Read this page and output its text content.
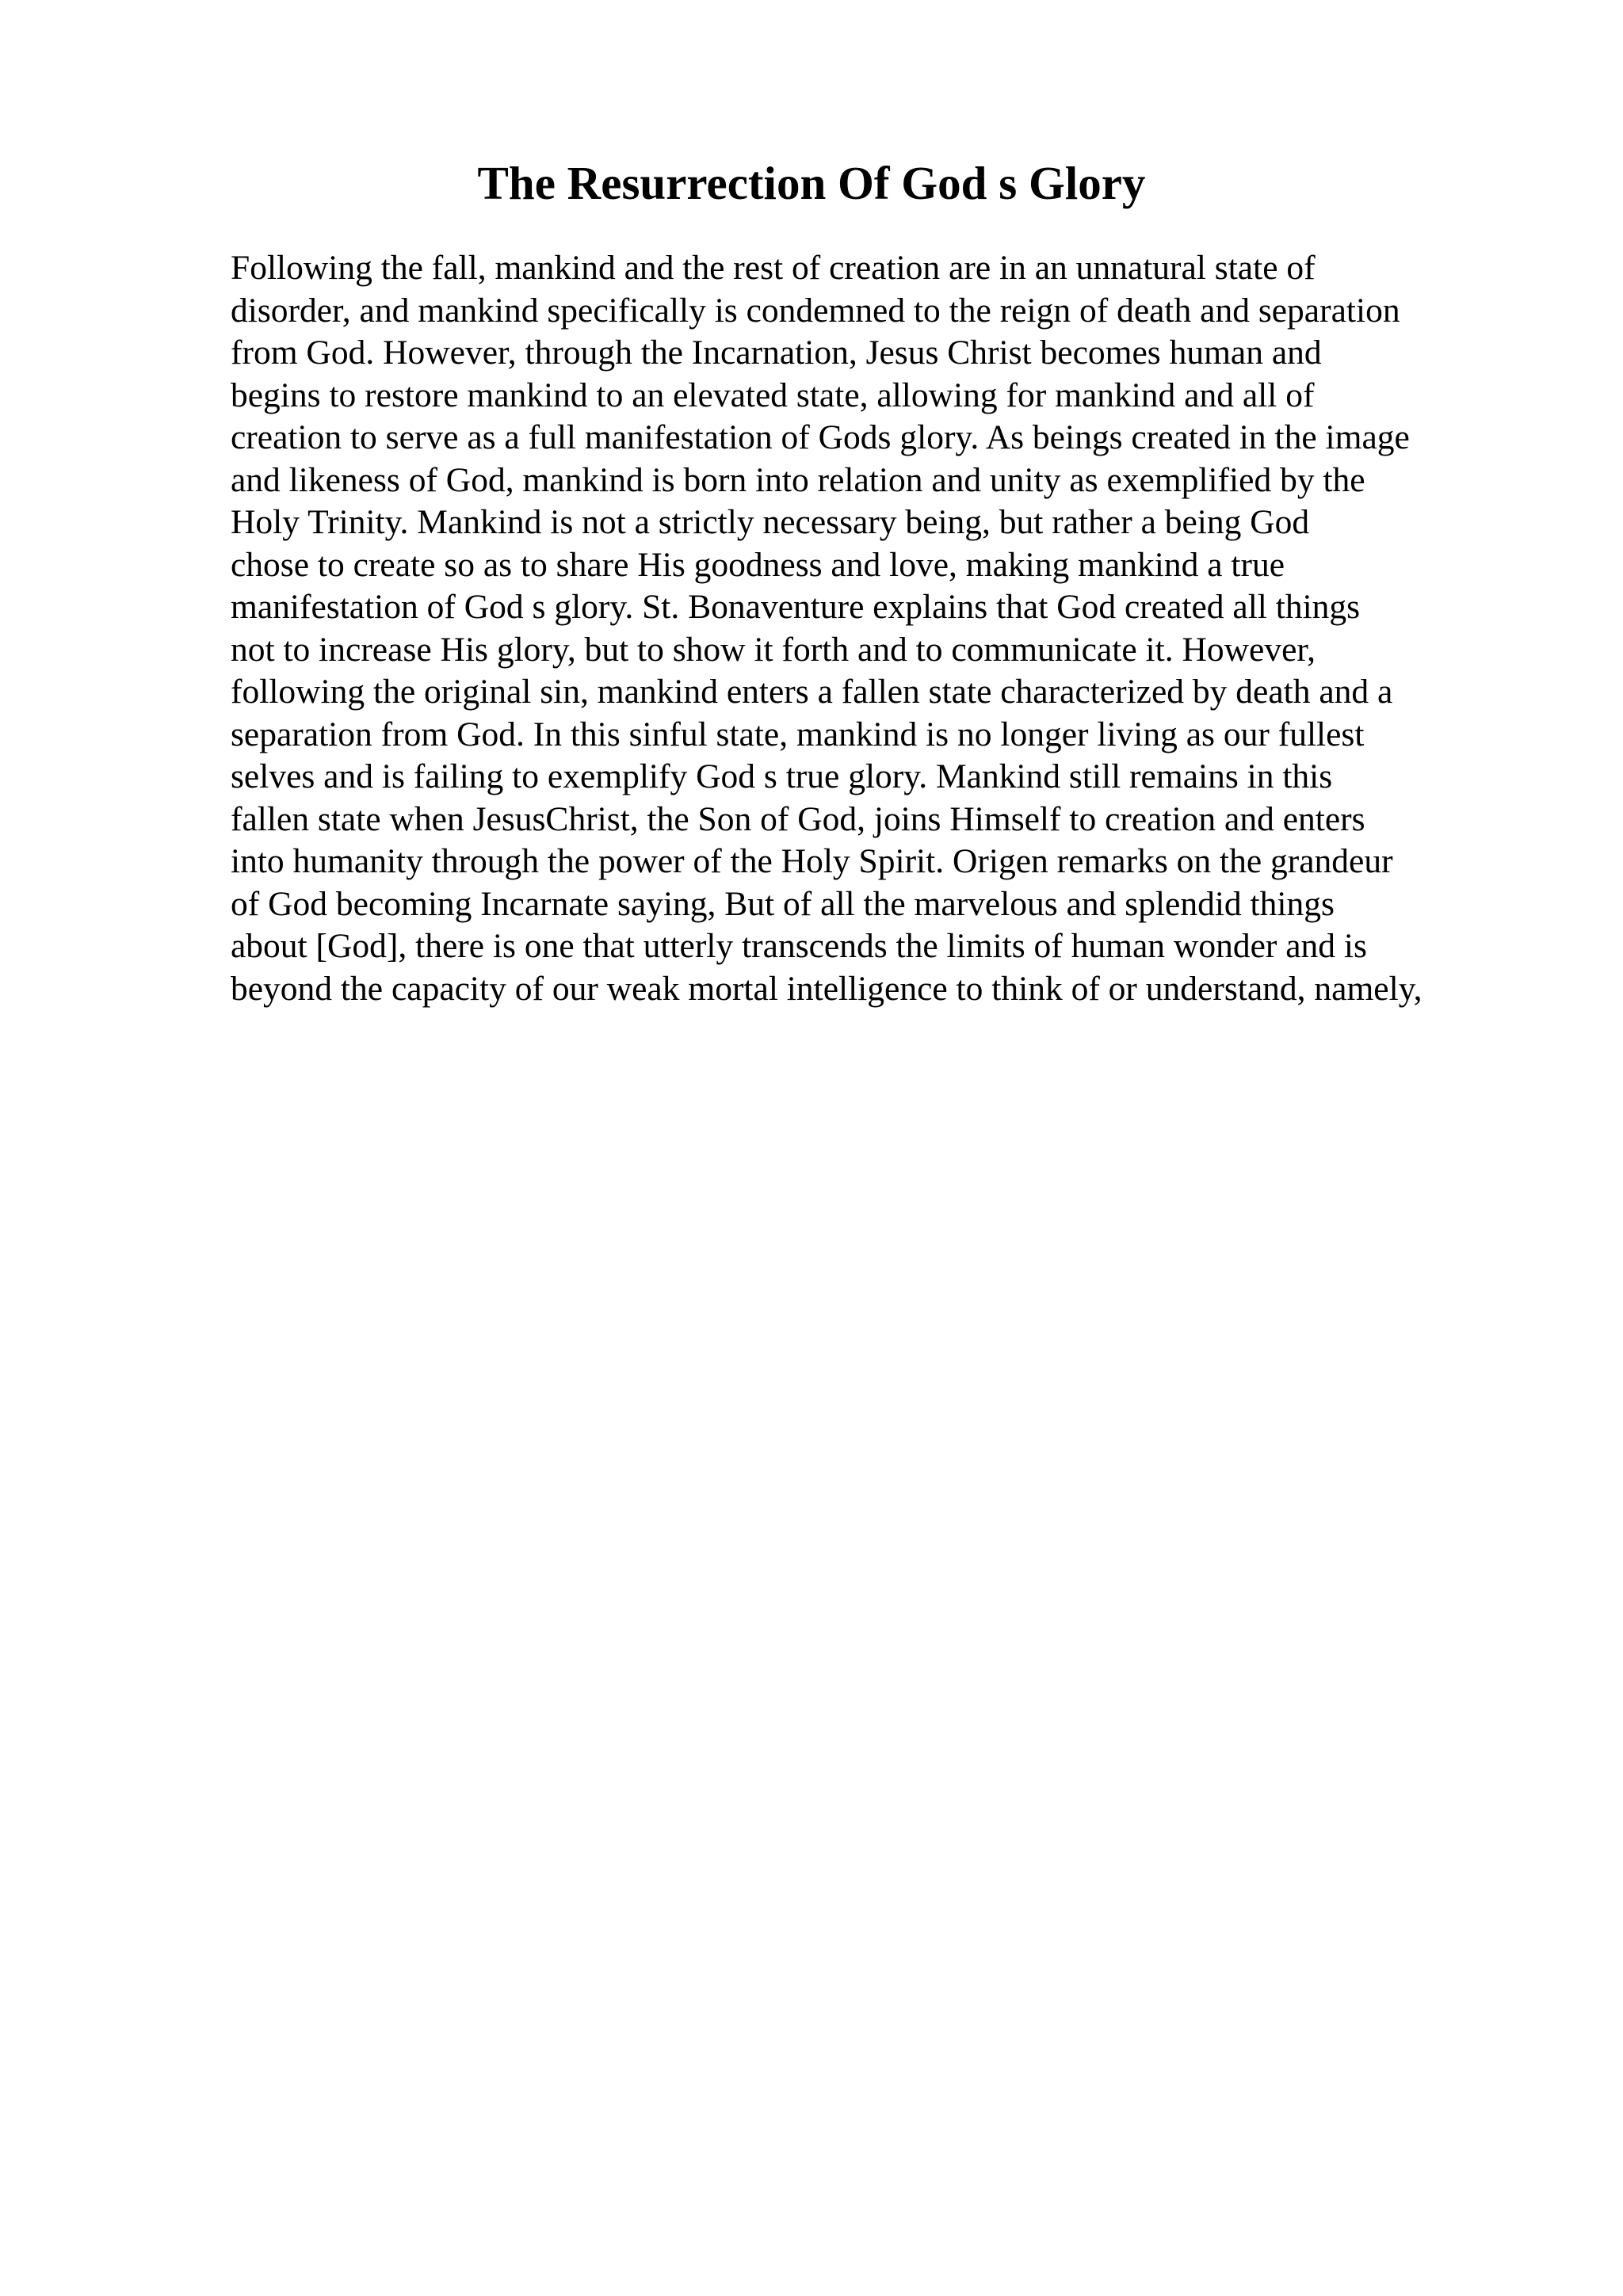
The Resurrection Of God s Glory
Following the fall, mankind and the rest of creation are in an unnatural state of
disorder, and mankind specifically is condemned to the reign of death and separation
from God. However, through the Incarnation, Jesus Christ becomes human and
begins to restore mankind to an elevated state, allowing for mankind and all of
creation to serve as a full manifestation of Gods glory. As beings created in the image
and likeness of God, mankind is born into relation and unity as exemplified by the
Holy Trinity. Mankind is not a strictly necessary being, but rather a being God
chose to create so as to share His goodness and love, making mankind a true
manifestation of God s glory. St. Bonaventure explains that God created all things
not to increase His glory, but to show it forth and to communicate it. However,
following the original sin, mankind enters a fallen state characterized by death and a
separation from God. In this sinful state, mankind is no longer living as our fullest
selves and is failing to exemplify God s true glory. Mankind still remains in this
fallen state when JesusChrist, the Son of God, joins Himself to creation and enters
into humanity through the power of the Holy Spirit. Origen remarks on the grandeur
of God becoming Incarnate saying, But of all the marvelous and splendid things
about [God], there is one that utterly transcends the limits of human wonder and is
beyond the capacity of our weak mortal intelligence to think of or understand, namely,
